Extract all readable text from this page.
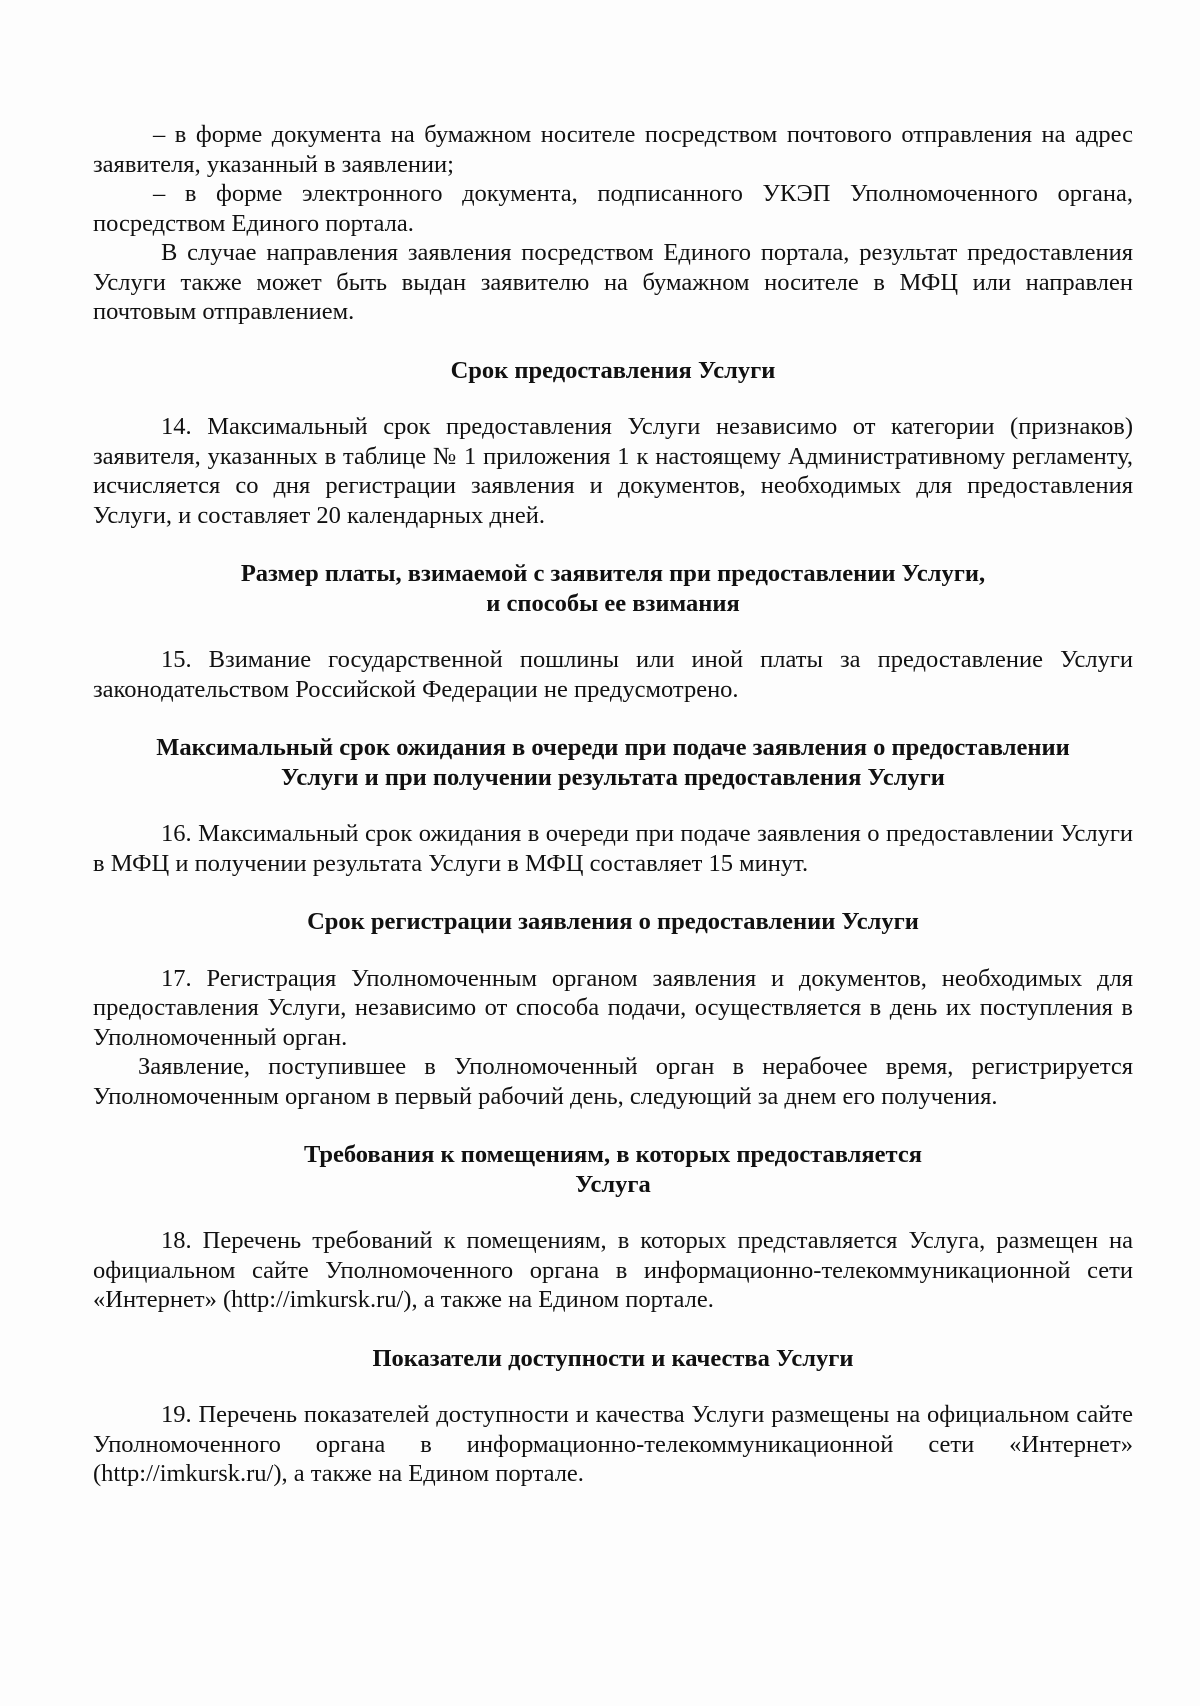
– в форме документа на бумажном носителе посредством почтового отправления на адрес заявителя, указанный в заявлении;

– в форме электронного документа, подписанного УКЭП Уполномоченного органа, посредством Единого портала.

В случае направления заявления посредством Единого портала, результат предоставления Услуги также может быть выдан заявителю на бумажном носителе в МФЦ или направлен почтовым отправлением.

Срок предоставления Услуги

14. Максимальный срок предоставления Услуги независимо от категории (признаков) заявителя, указанных в таблице № 1 приложения 1 к настоящему Административному регламенту, исчисляется со дня регистрации заявления и документов, необходимых для предоставления Услуги, и составляет 20 календарных дней.

Размер платы, взимаемой с заявителя при предоставлении Услуги,
и способы ее взимания

15. Взимание государственной пошлины или иной платы за предоставление Услуги законодательством Российской Федерации не предусмотрено.

Максимальный срок ожидания в очереди при подаче заявления о предоставлении
Услуги и при получении результата предоставления Услуги

16. Максимальный срок ожидания в очереди при подаче заявления о предоставлении Услуги в МФЦ и получении результата Услуги в МФЦ составляет 15 минут.

Срок регистрации заявления о предоставлении Услуги

17. Регистрация Уполномоченным органом заявления и документов, необходимых для предоставления Услуги, независимо от способа подачи, осуществляется в день их поступления в Уполномоченный орган.

Заявление, поступившее в Уполномоченный орган в нерабочее время, регистрируется Уполномоченным органом в первый рабочий день, следующий за днем его получения.

Требования к помещениям, в которых предоставляется
Услуга

18. Перечень требований к помещениям, в которых представляется Услуга, размещен на официальном сайте Уполномоченного органа в информационно-телекоммуникационной сети «Интернет» (http://imkursk.ru/), а также на Едином портале.

Показатели доступности и качества Услуги

19. Перечень показателей доступности и качества Услуги размещены на официальном сайте Уполномоченного органа в информационно-телекоммуникационной сети «Интернет» (http://imkursk.ru/), а также на Едином портале.
